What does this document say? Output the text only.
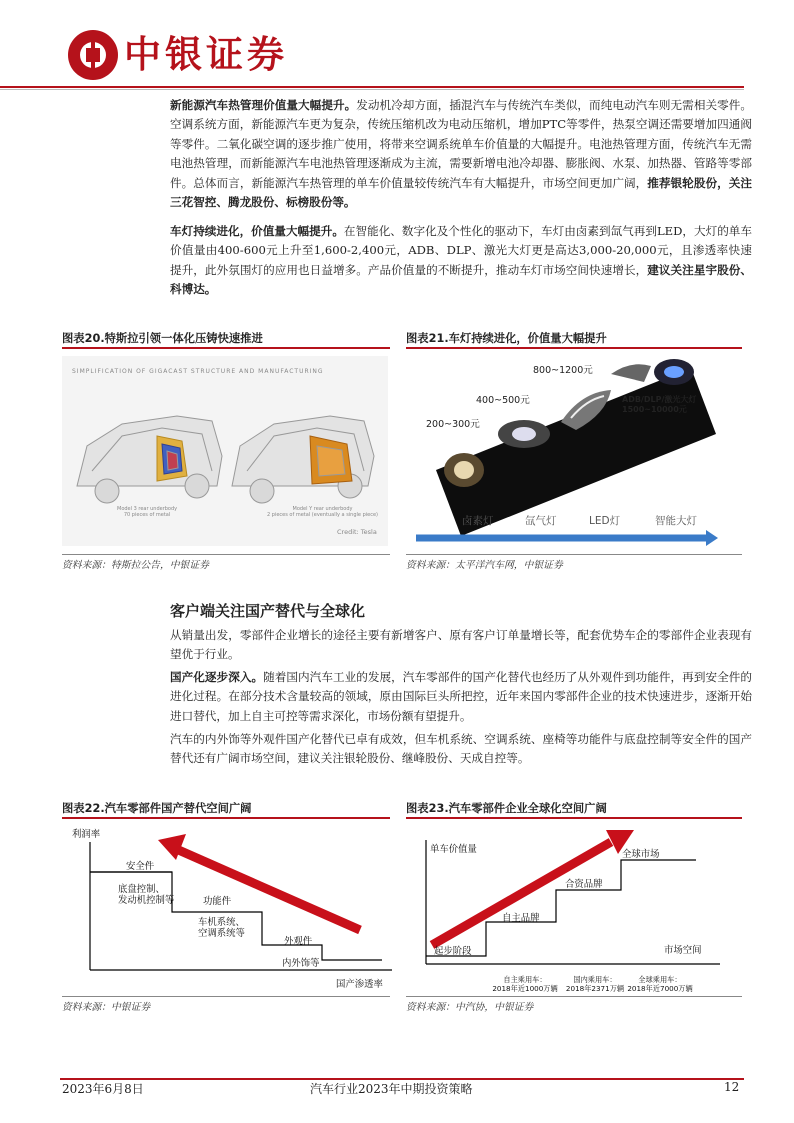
中银证券
新能源汽车热管理价值量大幅提升。发动机冷却方面，插混汽车与传统汽车类似，而纯电动汽车则无需相关零件。空调系统方面，新能源汽车更为复杂，传统压缩机改为电动压缩机，增加PTC等零件，热泵空调还需要增加四通阀等零件。二氧化碳空调的逐步推广使用，将带来空调系统单车价值量的大幅提升。电池热管理方面，传统汽车无需电池热管理，而新能源汽车电池热管理逐渐成为主流，需要新增电池冷却器、膨胀阀、水泵、加热器、管路等零部件。总体而言，新能源汽车热管理的单车价值量较传统汽车有大幅提升，市场空间更加广阔，推荐银轮股份，关注三花智控、腾龙股份、标榜股份等。
车灯持续进化，价值量大幅提升。在智能化、数字化及个性化的驱动下，车灯由卤素到氙气再到LED，大灯的单车价值量由400-600元上升至1,600-2,400元，ADB、DLP、激光大灯更是高达3,000-20,000元，且渗透率快速提升，此外氛围灯的应用也日益增多。产品价值量的不断提升，推动车灯市场空间快速增长，建议关注星宇股份、科博达。
图表20.特斯拉引领一体化压铸快速推进
SIMPLIFICATION OF GIGACAST STRUCTURE AND MANUFACTURING
Model 3 rear underbody
70 pieces of metal
Model Y rear underbody
2 pieces of metal (eventually a single piece)
Credit: Tesla
资料来源：特斯拉公告，中银证券
图表21.车灯持续进化，价值量大幅提升
200~300元
400~500元
800~1200元
ADB/DLP/激光大灯
1500~10000元
卤素灯	氙气灯	LED灯	智能大灯
资料来源：太平洋汽车网，中银证券
客户端关注国产替代与全球化
从销量出发，零部件企业增长的途径主要有新增客户、原有客户订单量增长等，配套优势车企的零部件企业表现有望优于行业。
国产化逐步深入。随着国内汽车工业的发展，汽车零部件的国产化替代也经历了从外观件到功能件，再到安全件的进化过程。在部分技术含量较高的领域，原由国际巨头所把控，近年来国内零部件企业的技术快速进步，逐渐开始进口替代，加上自主可控等需求深化，市场份额有望提升。
汽车的内外饰等外观件国产化替代已卓有成效，但车机系统、空调系统、座椅等功能件与底盘控制等安全件的国产替代还有广阔市场空间，建议关注银轮股份、继峰股份、天成自控等。
图表22.汽车零部件国产替代空间广阔
利润率
国产渗透率
安全件
底盘控制、
发动机控制等	功能件
车机系统、
空调系统等
外观件
内外饰等
资料来源：中银证券
图表23.汽车零部件企业全球化空间广阔
单车价值量
市场空间
起步阶段
自主品牌
合资品牌
全球市场
自主乘用车：
2018年近1000万辆
国内乘用车：
2018年2371万辆
全球乘用车：
2018年近7000万辆
资料来源：中汽协，中银证券
2023年6月8日	汽车行业2023年中期投资策略	12
